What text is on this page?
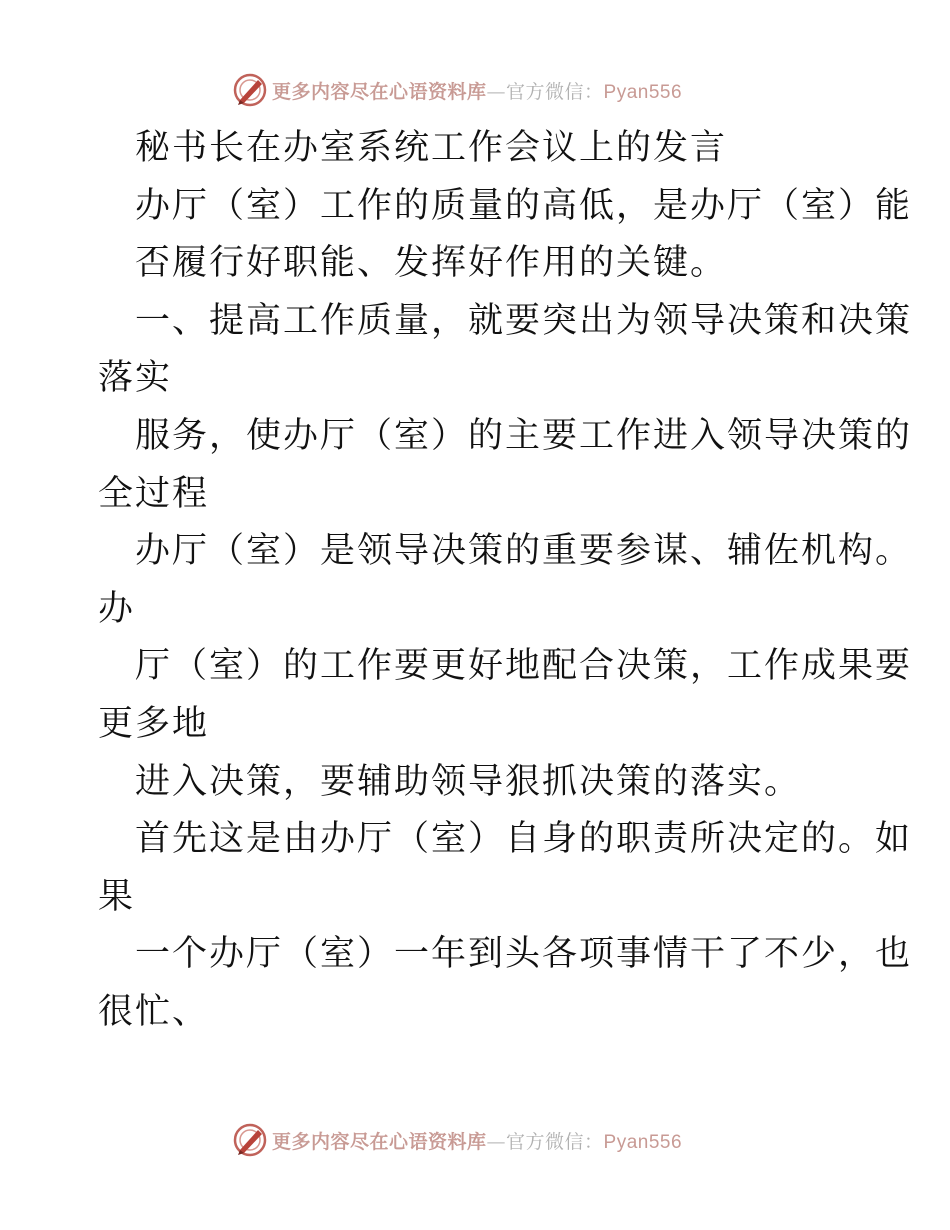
更多内容尽在心语资料库—官方微信：Pyan556
秘书长在办室系统工作会议上的发言
办厅（室）工作的质量的高低，是办厅（室）能
否履行好职能、发挥好作用的关键。
一、提高工作质量，就要突出为领导决策和决策
落实
服务，使办厅（室）的主要工作进入领导决策的
全过程
办厅（室）是领导决策的重要参谋、辅佐机构。
办
厅（室）的工作要更好地配合决策，工作成果要
更多地
进入决策，要辅助领导狠抓决策的落实。
首先这是由办厅（室）自身的职责所决定的。如
果
一个办厅（室）一年到头各项事情干了不少，也
很忙、
更多内容尽在心语资料库—官方微信：Pyan556
